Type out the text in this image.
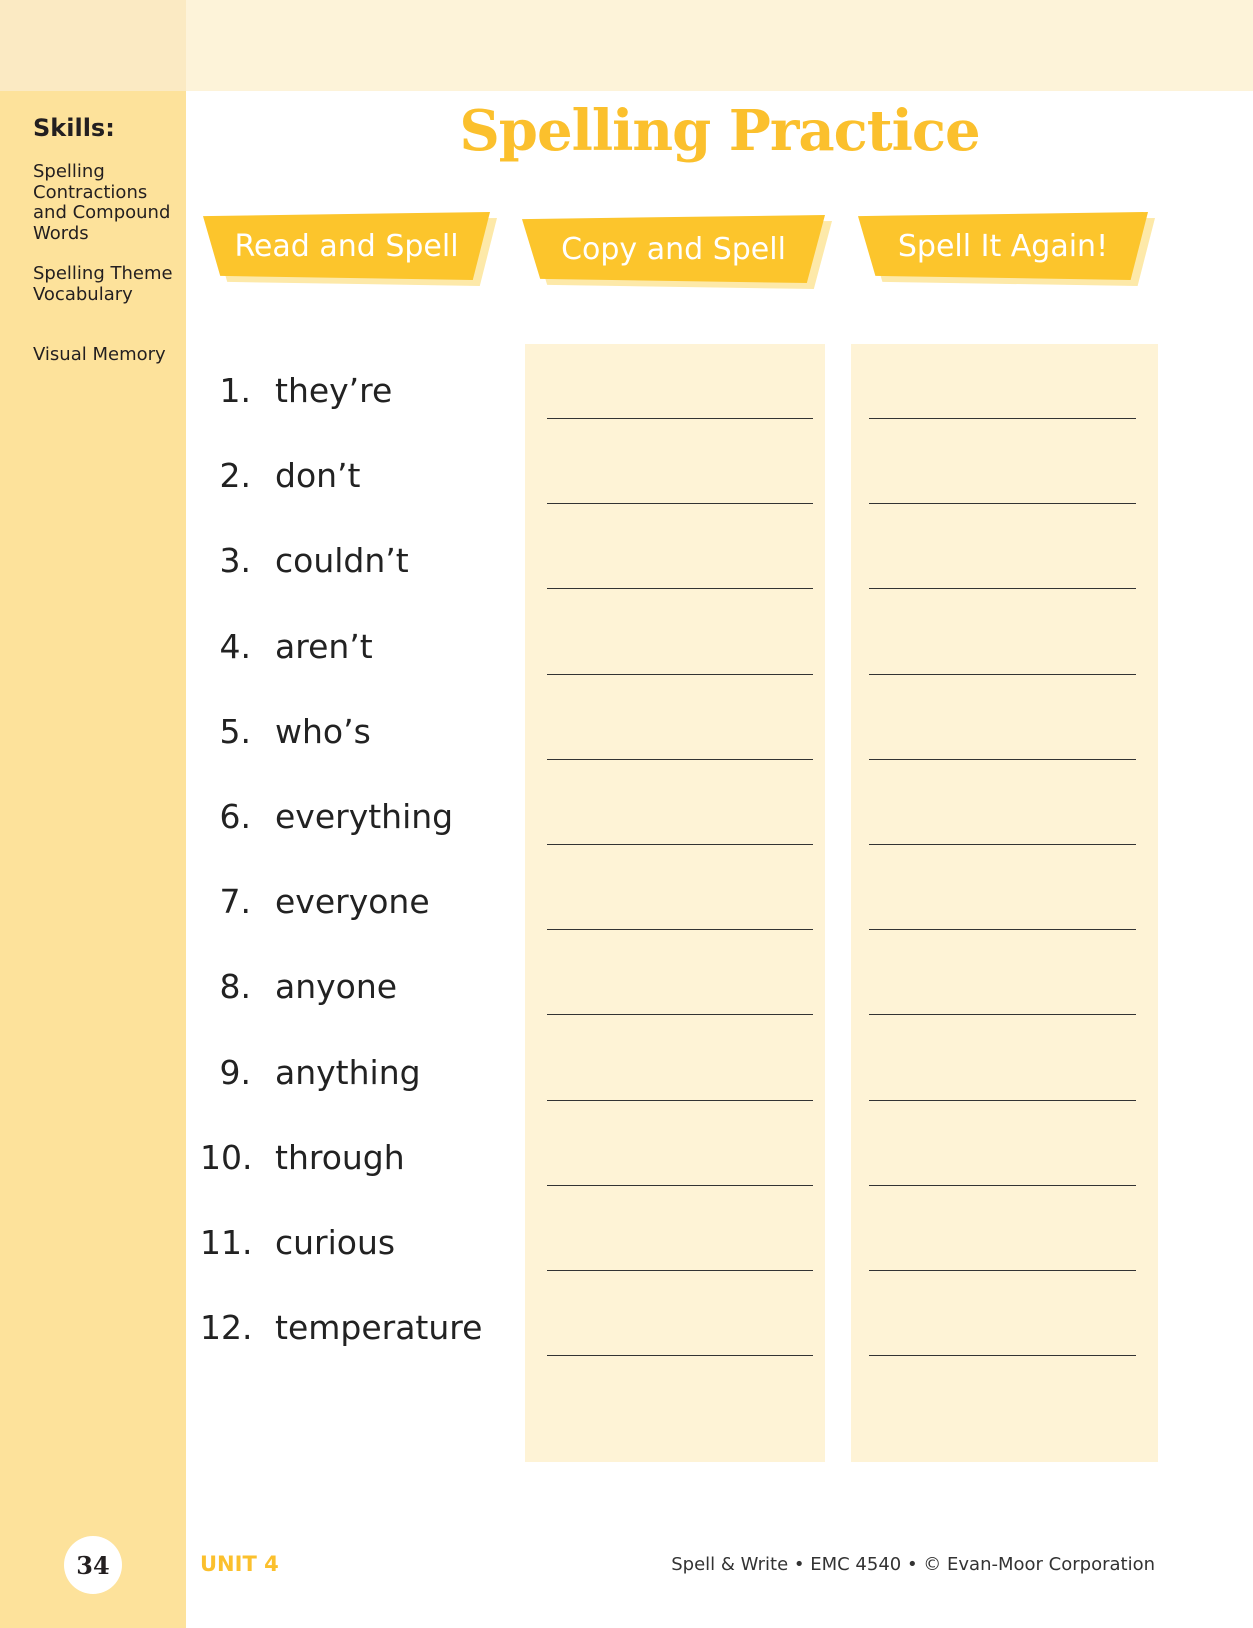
Skills:
Spelling Contractions and Compound Words
Spelling Theme Vocabulary
Visual Memory
Spelling Practice
Read and Spell	Copy and Spell	Spell It Again!
1. they’re
2. don’t
3. couldn’t
4. aren’t
5. who’s
6. everything
7. everyone
8. anyone
9. anything
10. through
11. curious
12. temperature
34	UNIT 4	Spell & Write • EMC 4540 • © Evan-Moor Corporation
